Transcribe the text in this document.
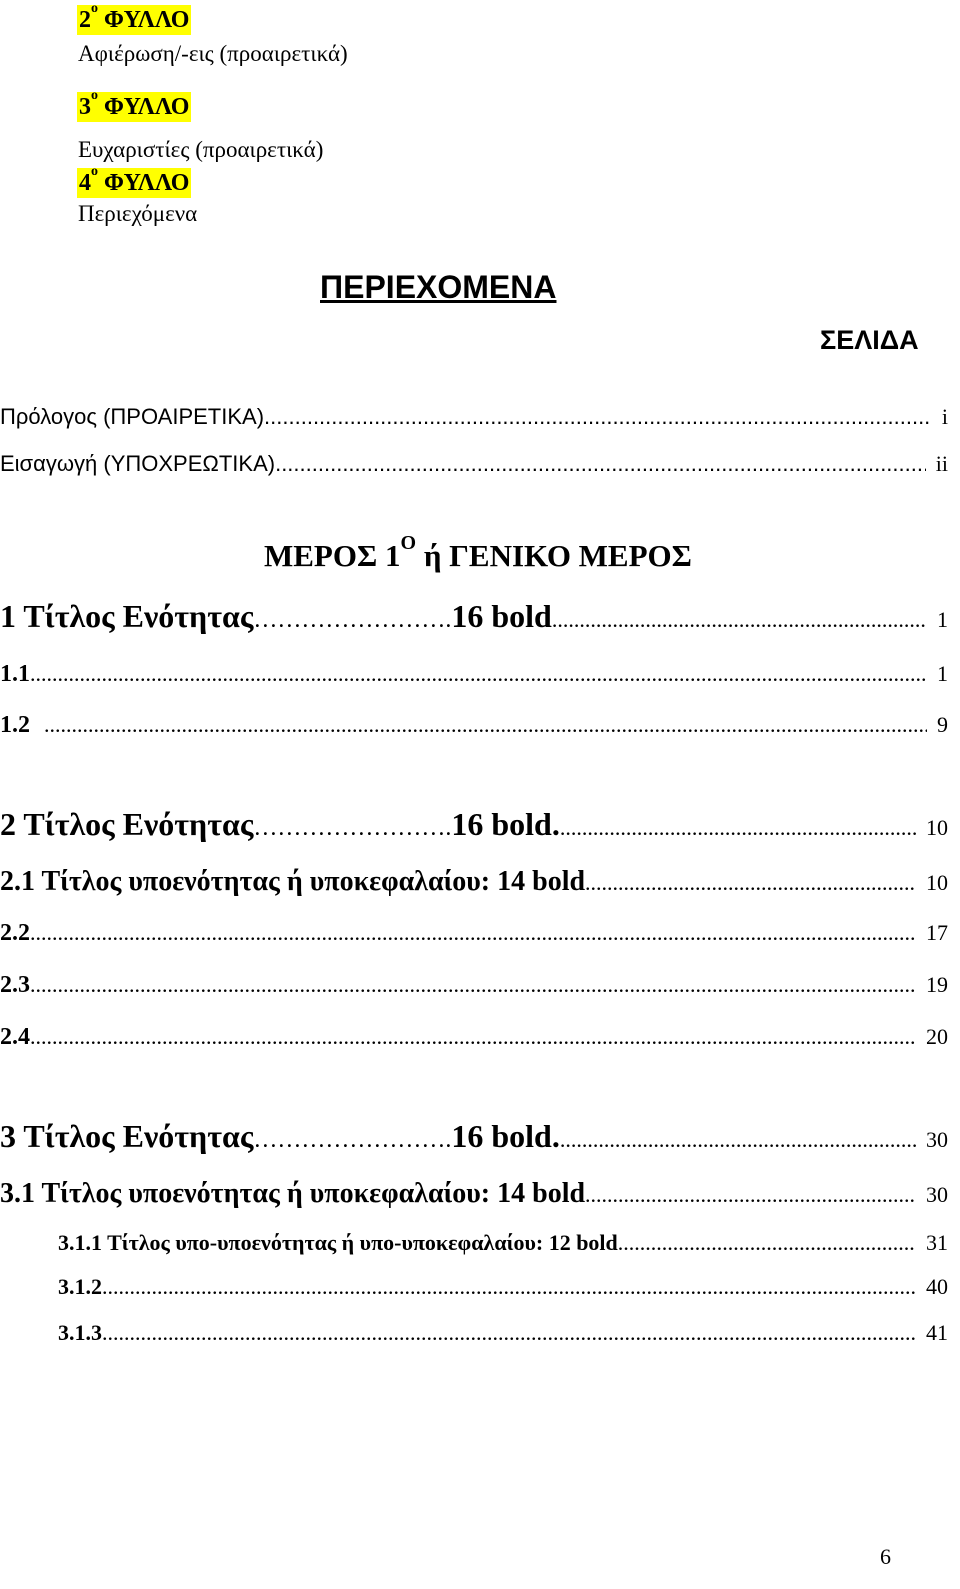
$2^o$ ΦΥΛΛΟ
Αφιέρωση/-εις (προαιρετικά)
$3^o$ ΦΥΛΛΟ
Ευχαριστίες (προαιρετικά)
$4^o$ ΦΥΛΛΟ
Περιεχόμενα
ΠΕΡΙΕΧΟΜΕΝΑ
ΣΕΛΙΔΑ
Πρόλογος (ΠΡΟΑΙΡΕΤΙΚΑ) .....	i
Εισαγωγή (ΥΠΟΧΡΕΩΤΙΚΑ) .....	ii
ΜΕΡΟΣ $1^O$ ή ΓΕΝΙΚΟ ΜΕΡΟΣ
1 Τίτλος Ενότητας ……………………. 16 bold .....	1
1.1 .....	1
1.2 .....	9
2 Τίτλος Ενότητας ……………………. 16 bold. .....	10
2.1 Τίτλος υποενότητας ή υποκεφαλαίου: 14 bold .....	10
2.2 .....	17
2.3 .....	19
2.4 .....	20
3 Τίτλος Ενότητας ……………………. 16 bold. .....	30
3.1 Τίτλος υποενότητας ή υποκεφαλαίου: 14 bold .....	30
3.1.1 Τίτλος υπο-υποενότητας ή υπο-υποκεφαλαίου: 12 bold .....	31
3.1.2 .....	40
3.1.3 .....	41
6
